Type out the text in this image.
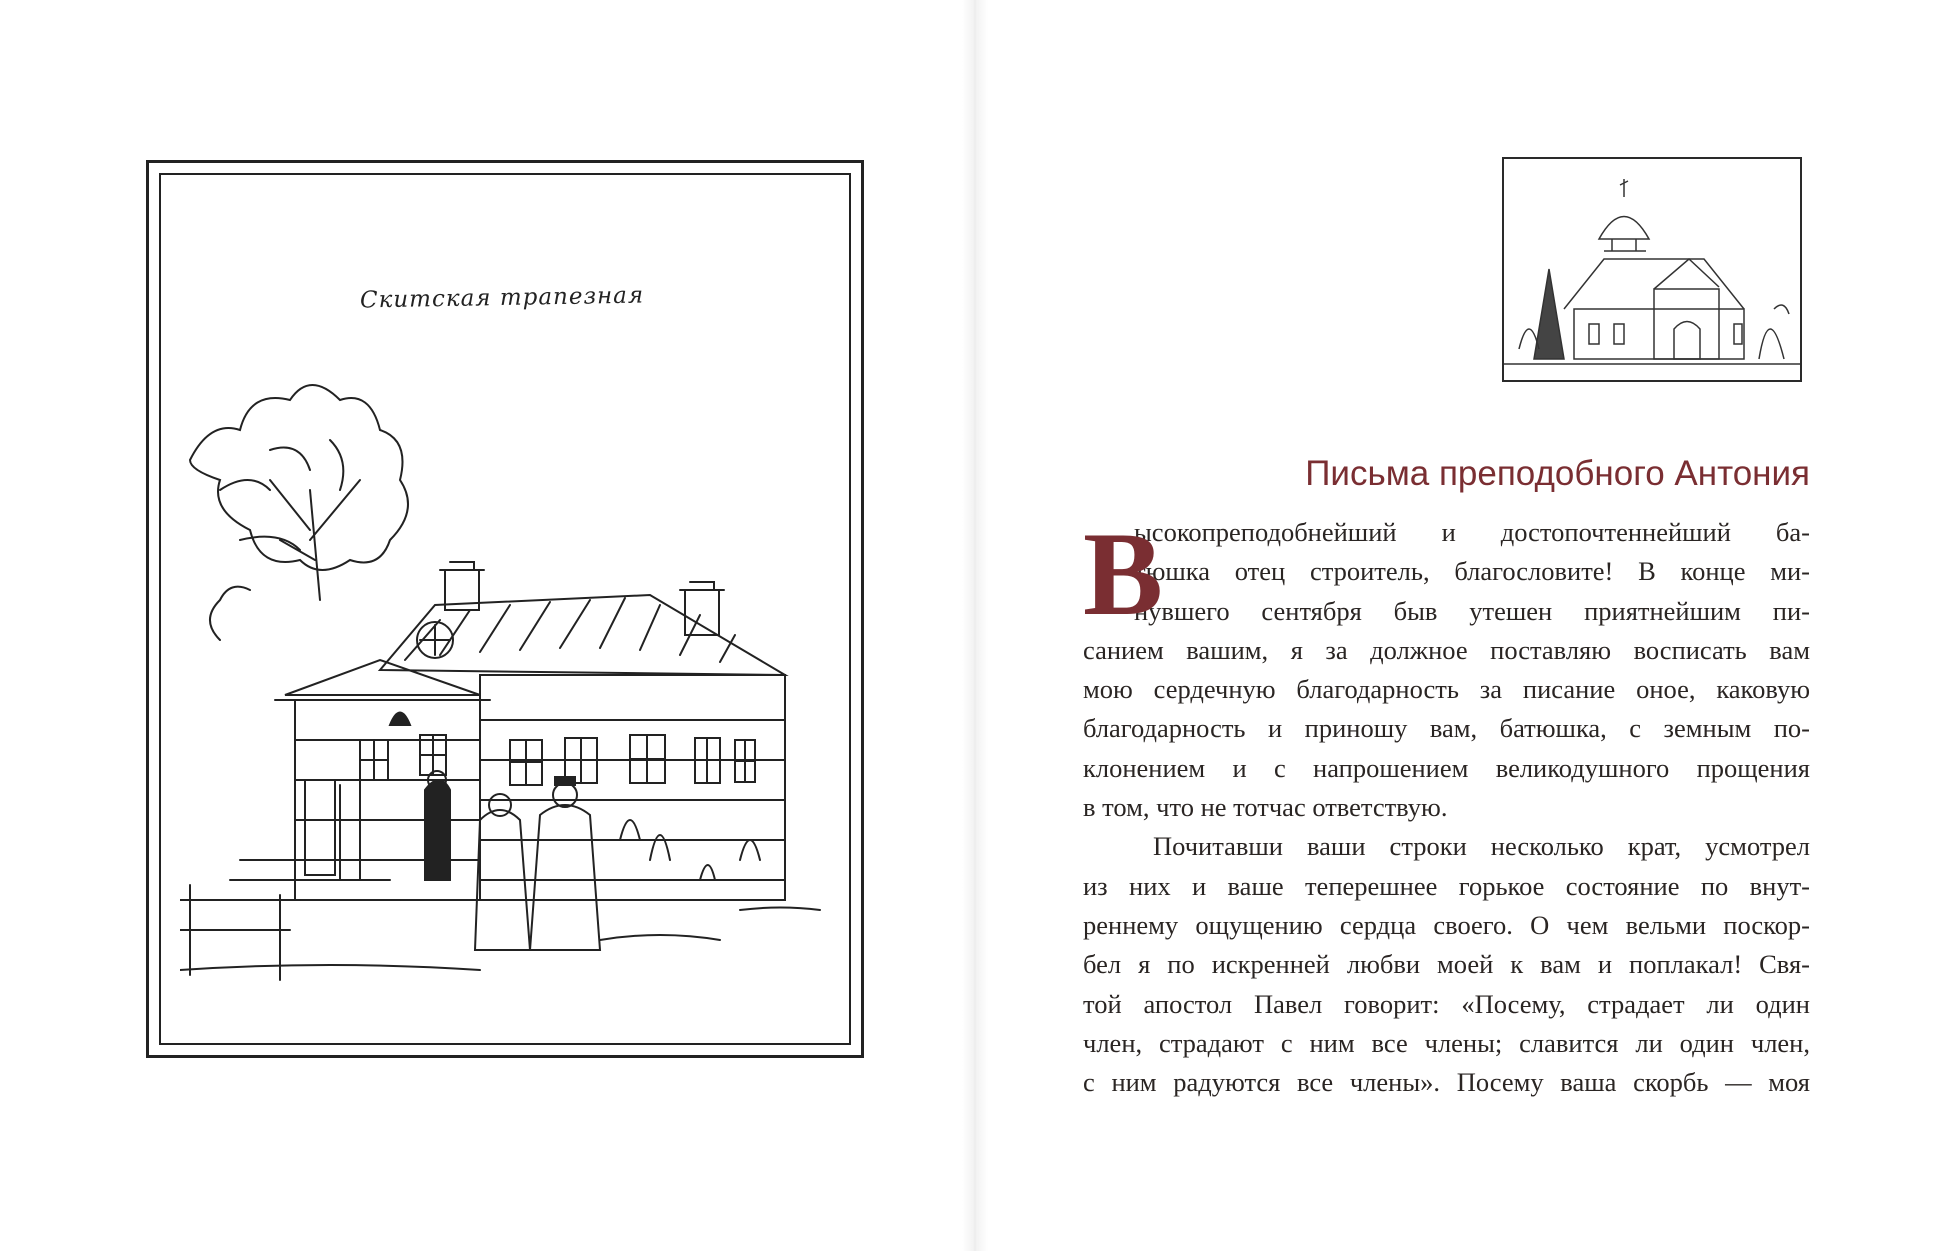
Скитская трапезная
Письма преподобного Антония
В
ысокопреподобнейший и достопочтеннейший ба-
тюшка отец строитель, благословите! В конце ми-
нувшего сентября быв утешен приятнейшим пи-
санием вашим, я за должное поставляю восписать вам
мою сердечную благодарность за писание оное, каковую
благодарность и приношу вам, батюшка, с земным по-
клонением и с напрошением великодушного прощения
в том, что не тотчас ответствую.
Почитавши ваши строки несколько крат, усмотрел
из них и ваше теперешнее горькое состояние по внут-
реннему ощущению сердца своего. О чем вельми поскор-
бел я по искренней любви моей к вам и поплакал! Свя-
той апостол Павел говорит: «Посему, страдает ли один
член, страдают с ним все члены; славится ли один член,
с ним радуются все члены». Посему ваша скорбь — моя
